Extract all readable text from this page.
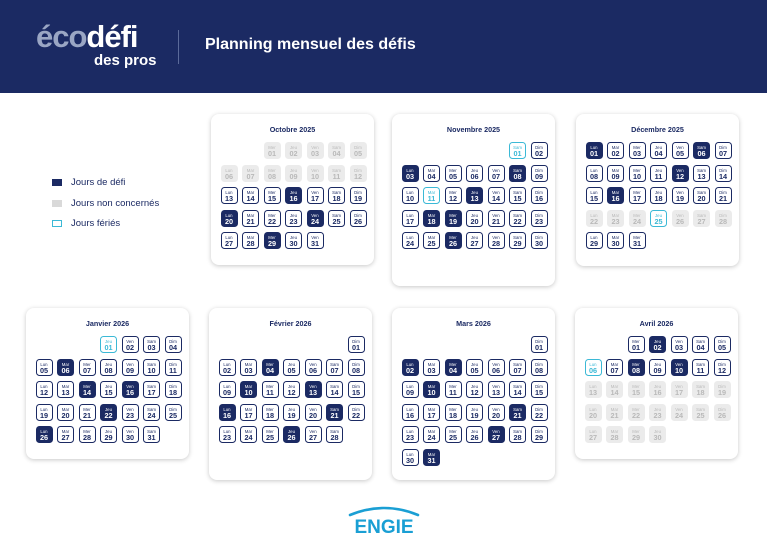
écodéfi
des pros
Planning mensuel des défis
Jours de défi
Jours non concernés
Jours fériés
Octobre 2025
Mer
01
Jeu
02
Ven
03
Sam
04
Dim
05
Lun
06
Mar
07
Mer
08
Jeu
09
Ven
10
Sam
11
Dim
12
Lun
13
Mar
14
Mer
15
Jeu
16
Ven
17
Sam
18
Dim
19
Lun
20
Mar
21
Mer
22
Jeu
23
Ven
24
Sam
25
Dim
26
Lun
27
Mar
28
Mer
29
Jeu
30
Ven
31
Novembre 2025
Sam
01
Dim
02
Lun
03
Mar
04
Mer
05
Jeu
06
Ven
07
Sam
08
Dim
09
Lun
10
Mar
11
Mer
12
Jeu
13
Ven
14
Sam
15
Dim
16
Lun
17
Mar
18
Mer
19
Jeu
20
Ven
21
Sam
22
Dim
23
Lun
24
Mar
25
Mer
26
Jeu
27
Ven
28
Sam
29
Dim
30
Décembre 2025
Lun
01
Mar
02
Mer
03
Jeu
04
Ven
05
Sam
06
Dim
07
Lun
08
Mar
09
Mer
10
Jeu
11
Ven
12
Sam
13
Dim
14
Lun
15
Mar
16
Mer
17
Jeu
18
Ven
19
Sam
20
Dim
21
Lun
22
Mar
23
Mer
24
Jeu
25
Ven
26
Sam
27
Dim
28
Lun
29
Mar
30
Mer
31
Janvier 2026
Jeu
01
Ven
02
Sam
03
Dim
04
Lun
05
Mar
06
Mer
07
Jeu
08
Ven
09
Sam
10
Dim
11
Lun
12
Mar
13
Mer
14
Jeu
15
Ven
16
Sam
17
Dim
18
Lun
19
Mar
20
Mer
21
Jeu
22
Ven
23
Sam
24
Dim
25
Lun
26
Mar
27
Mer
28
Jeu
29
Ven
30
Sam
31
Février 2026
Dim
01
Lun
02
Mar
03
Mer
04
Jeu
05
Ven
06
Sam
07
Dim
08
Lun
09
Mar
10
Mer
11
Jeu
12
Ven
13
Sam
14
Dim
15
Lun
16
Mar
17
Mer
18
Jeu
19
Ven
20
Sam
21
Dim
22
Lun
23
Mar
24
Mer
25
Jeu
26
Ven
27
Sam
28
Mars 2026
Dim
01
Lun
02
Mar
03
Mer
04
Jeu
05
Ven
06
Sam
07
Dim
08
Lun
09
Mar
10
Mer
11
Jeu
12
Ven
13
Sam
14
Dim
15
Lun
16
Mar
17
Mer
18
Jeu
19
Ven
20
Sam
21
Dim
22
Lun
23
Mar
24
Mer
25
Jeu
26
Ven
27
Sam
28
Dim
29
Lun
30
Mar
31
Avril 2026
Mer
01
Jeu
02
Ven
03
Sam
04
Dim
05
Lun
06
Mar
07
Mer
08
Jeu
09
Ven
10
Sam
11
Dim
12
Lun
13
Mar
14
Mer
15
Jeu
16
Ven
17
Sam
18
Dim
19
Lun
20
Mar
21
Mer
22
Jeu
23
Ven
24
Sam
25
Dim
26
Lun
27
Mar
28
Mer
29
Jeu
30
ENGIE
